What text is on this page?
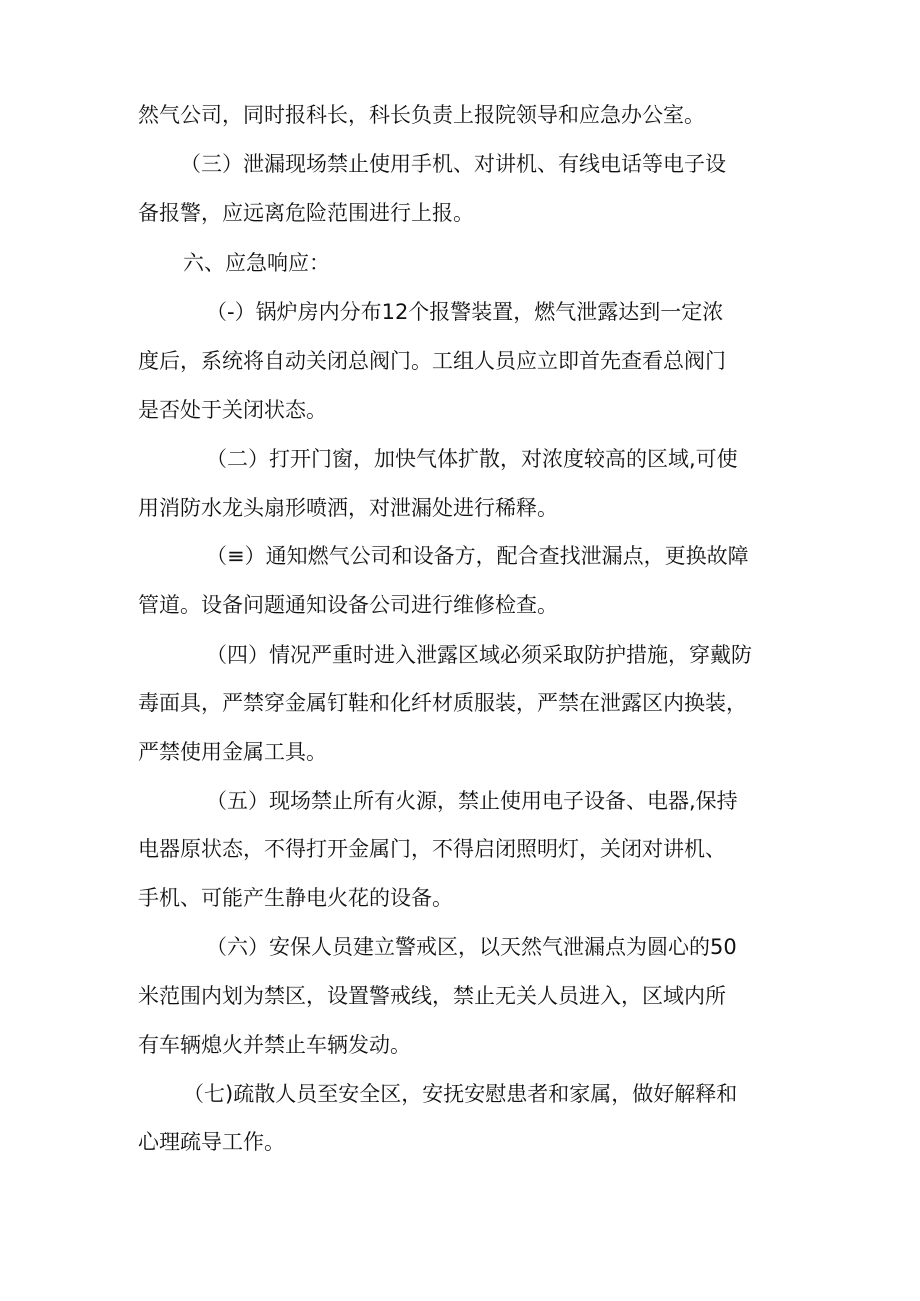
然气公司，同时报科长，科长负责上报院领导和应急办公室。
（三）泄漏现场禁止使用手机、对讲机、有线电话等电子设
备报警，应远离危险范围进行上报。
六、应急响应：
（-）锅炉房内分布12个报警装置，燃气泄露达到一定浓
度后，系统将自动关闭总阀门。工组人员应立即首先查看总阀门
是否处于关闭状态。
（二）打开门窗，加快气体扩散，对浓度较高的区域,可使
用消防水龙头扇形喷洒，对泄漏处进行稀释。
（≡）通知燃气公司和设备方，配合查找泄漏点，更换故障
管道。设备问题通知设备公司进行维修检查。
（四）情况严重时进入泄露区域必须采取防护措施，穿戴防
毒面具，严禁穿金属钉鞋和化纤材质服装，严禁在泄露区内换装，
严禁使用金属工具。
（五）现场禁止所有火源，禁止使用电子设备、电器,保持
电器原状态，不得打开金属门，不得启闭照明灯，关闭对讲机、
手机、可能产生静电火花的设备。
（六）安保人员建立警戒区，以天然气泄漏点为圆心的50
米范围内划为禁区，设置警戒线，禁止无关人员进入，区域内所
有车辆熄火并禁止车辆发动。
（七)疏散人员至安全区，安抚安慰患者和家属，做好解释和
心理疏导工作。
